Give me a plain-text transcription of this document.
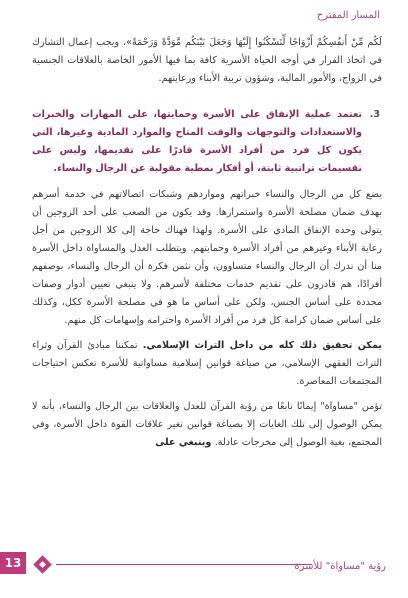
المسار المقترح

لَكُم مِّنْ أَنفُسِكُمْ أَزْوَاجًا لِّتَسْكُنُوا إِلَيْهَا وَجَعَلَ بَيْنَكُم مَّوَدَّةً وَرَحْمَةً»، ويجب إعمال التشارك في اتخاذ القرار في أوجه الحياة الأسرية كافة بما فيها الأمور الخاصة بالعلاقات الجنسية في الزواج، والأمور المالية، وشؤون تربية الأبناء ورعايتهم.

3.
تعتمد عملية الإنفاق على الأسرة وحمايتها، على المهارات والخبرات والاستعدادات والتوجهات والوقت المتاح والموارد المادية وغيرها، التي يكون كل فرد من أفراد الأسرة قادرًا على تقديمها، وليس على تقسيمات تراتبية ثابتة، أو أفكار نمطية مقولبة عن الرجال والنساء.

يضع كل من الرجال والنساء خبراتهم ومواردهم وشبكات اتصالاتهم في خدمة أسرهم بهدف ضمان مصلحة الأسرة واستمرارها. وقد يكون من الصعب على أحد الزوجين أن يتولى وحده الإنفاق المادي على الأسرة. ولهذا فهناك حاجة إلى كلا الزوجين من أجل رعاية الأبناء وغيرهم من أفراد الأسرة وحمايتهم. ويتطلب العدل والمساواة داخل الأسرة منا أن ندرك أن الرجال والنساء متساوون، وأن نثمن فكرة أن الرجال والنساء، بوصفهم أفرادًا، هم قادرون على تقديم خدمات مختلفة لأسرهم. ولا ينبغي تعيين أدوار وصفات محددة على أساس الجنس، ولكن على أساس ما هو في مصلحة الأسرة ككل، وكذلك على أساس ضمان كرامة كل فرد من أفراد الأسرة واحترامه وإسهامات كل منهم.

يمكن تحقيق ذلك كله من داخل التراث الإسلامي. تمكننا مبادئ القرآن وثراء التراث الفقهي الإسلامي، من صياغة قوانين إسلامية مساواتية للأسرة تعكس احتياجات المجتمعات المعاصرة.

تؤمن "مساواة" إيمانًا نابعًا من رؤية القرآن للعدل والعلاقات بين الرجال والنساء، بأنه لا يمكن الوصول إلى تلك الغايات إلا بصياغة قوانين تغير علاقات القوة داخل الأسرة، وفي المجتمع، بغية الوصول إلى مخرجات عادلة. وينبغي على

13	رؤية "مساواة" للأسرة
